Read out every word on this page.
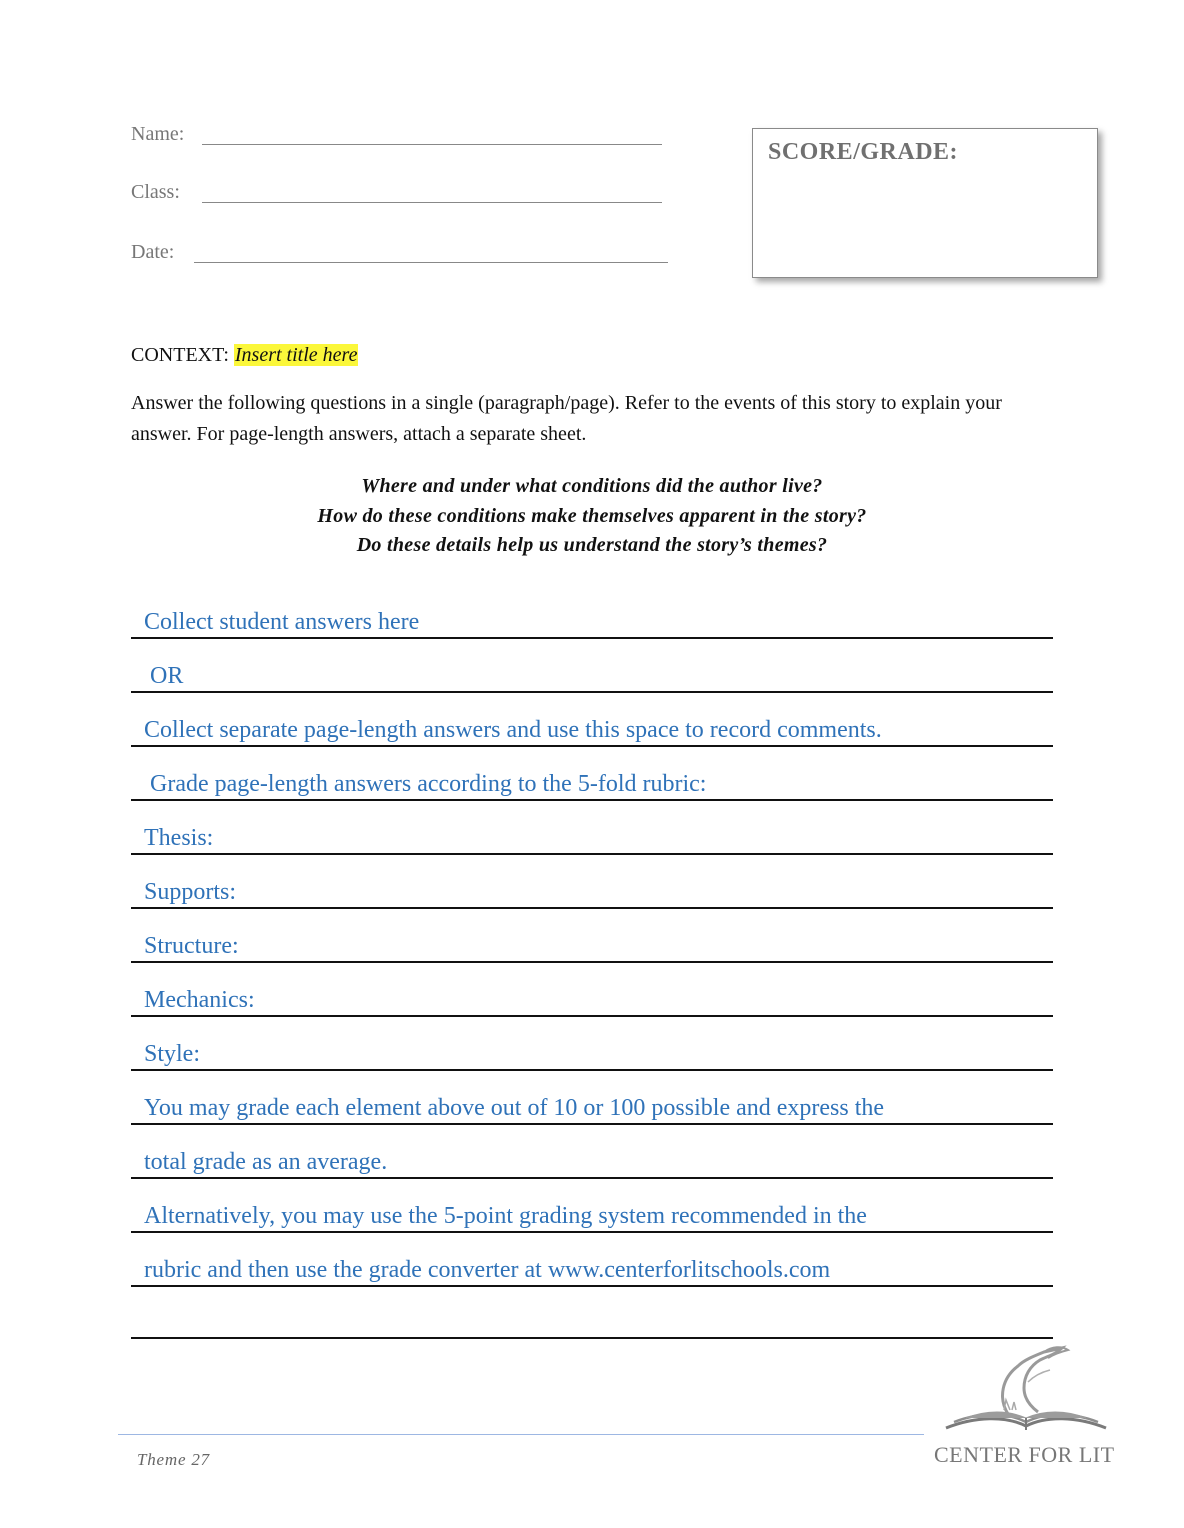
Name:
Class:
Date:
SCORE/GRADE:
CONTEXT: Insert title here
Answer the following questions in a single (paragraph/page). Refer to the events of this story to explain your answer. For page-length answers, attach a separate sheet.
Where and under what conditions did the author live?
How do these conditions make themselves apparent in the story?
Do these details help us understand the story’s themes?
Collect student answers here
OR
Collect separate page-length answers and use this space to record comments.
Grade page-length answers according to the 5-fold rubric:
Thesis:
Supports:
Structure:
Mechanics:
Style:
You may grade each element above out of 10 or 100 possible and express the
total grade as an average.
Alternatively, you may use the 5-point grading system recommended in the
rubric and then use the grade converter at www.centerforlitschools.com
Theme 27	CENTER FOR LIT
